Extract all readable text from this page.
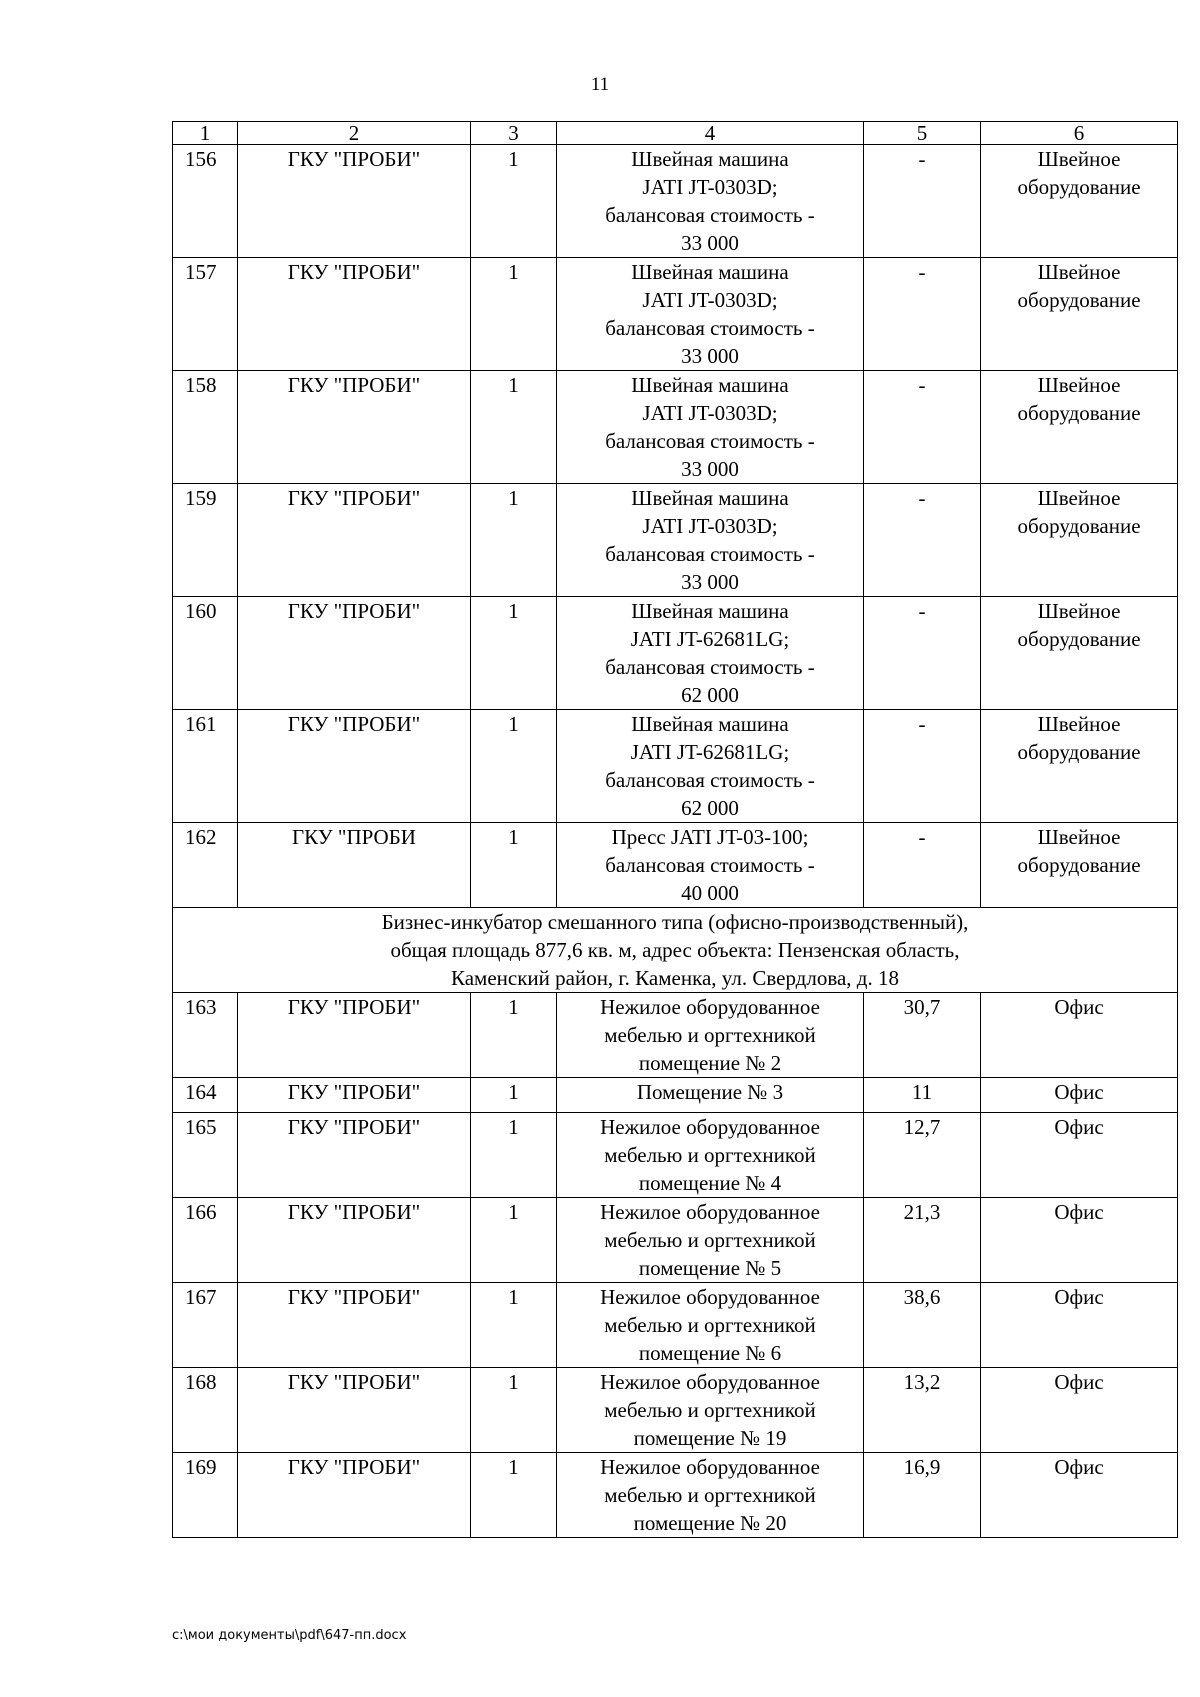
11
1	2	3	4	5	6
156	ГКУ "ПРОБИ"	1	Швейная машина
JATI JT-0303D;
балансовая стоимость -
33 000	-	Швейное
оборудование

157	ГКУ "ПРОБИ"	1	Швейная машина
JATI JT-0303D;
балансовая стоимость -
33 000	-	Швейное
оборудование

158	ГКУ "ПРОБИ"	1	Швейная машина
JATI JT-0303D;
балансовая стоимость -
33 000	-	Швейное
оборудование

159	ГКУ "ПРОБИ"	1	Швейная машина
JATI JT-0303D;
балансовая стоимость -
33 000	-	Швейное
оборудование

160	ГКУ "ПРОБИ"	1	Швейная машина
JATI JT-62681LG;
балансовая стоимость -
62 000	-	Швейное
оборудование

161	ГКУ "ПРОБИ"	1	Швейная машина
JATI JT-62681LG;
балансовая стоимость -
62 000	-	Швейное
оборудование

162	ГКУ "ПРОБИ	1	Пресс JATI JT-03-100;
балансовая стоимость -
40 000	-	Швейное
оборудование

Бизнес-инкубатор смешанного типа (офисно-производственный),
общая площадь 877,6 кв. м, адрес объекта: Пензенская область,
Каменский район, г. Каменка, ул. Свердлова, д. 18					

163	ГКУ "ПРОБИ"	1	Нежилое оборудованное
мебелью и оргтехникой
помещение № 2	30,7	Офис

164	ГКУ "ПРОБИ"	1	Помещение № 3	11	Офис

165	ГКУ "ПРОБИ"	1	Нежилое оборудованное
мебелью и оргтехникой
помещение № 4	12,7	Офис

166	ГКУ "ПРОБИ"	1	Нежилое оборудованное
мебелью и оргтехникой
помещение № 5	21,3	Офис

167	ГКУ "ПРОБИ"	1	Нежилое оборудованное
мебелью и оргтехникой
помещение № 6	38,6	Офис

168	ГКУ "ПРОБИ"	1	Нежилое оборудованное
мебелью и оргтехникой
помещение № 19	13,2	Офис

169	ГКУ "ПРОБИ"	1	Нежилое оборудованное
мебелью и оргтехникой
помещение № 20	16,9	Офис
c:\мои документы\pdf\647-пп.docx
